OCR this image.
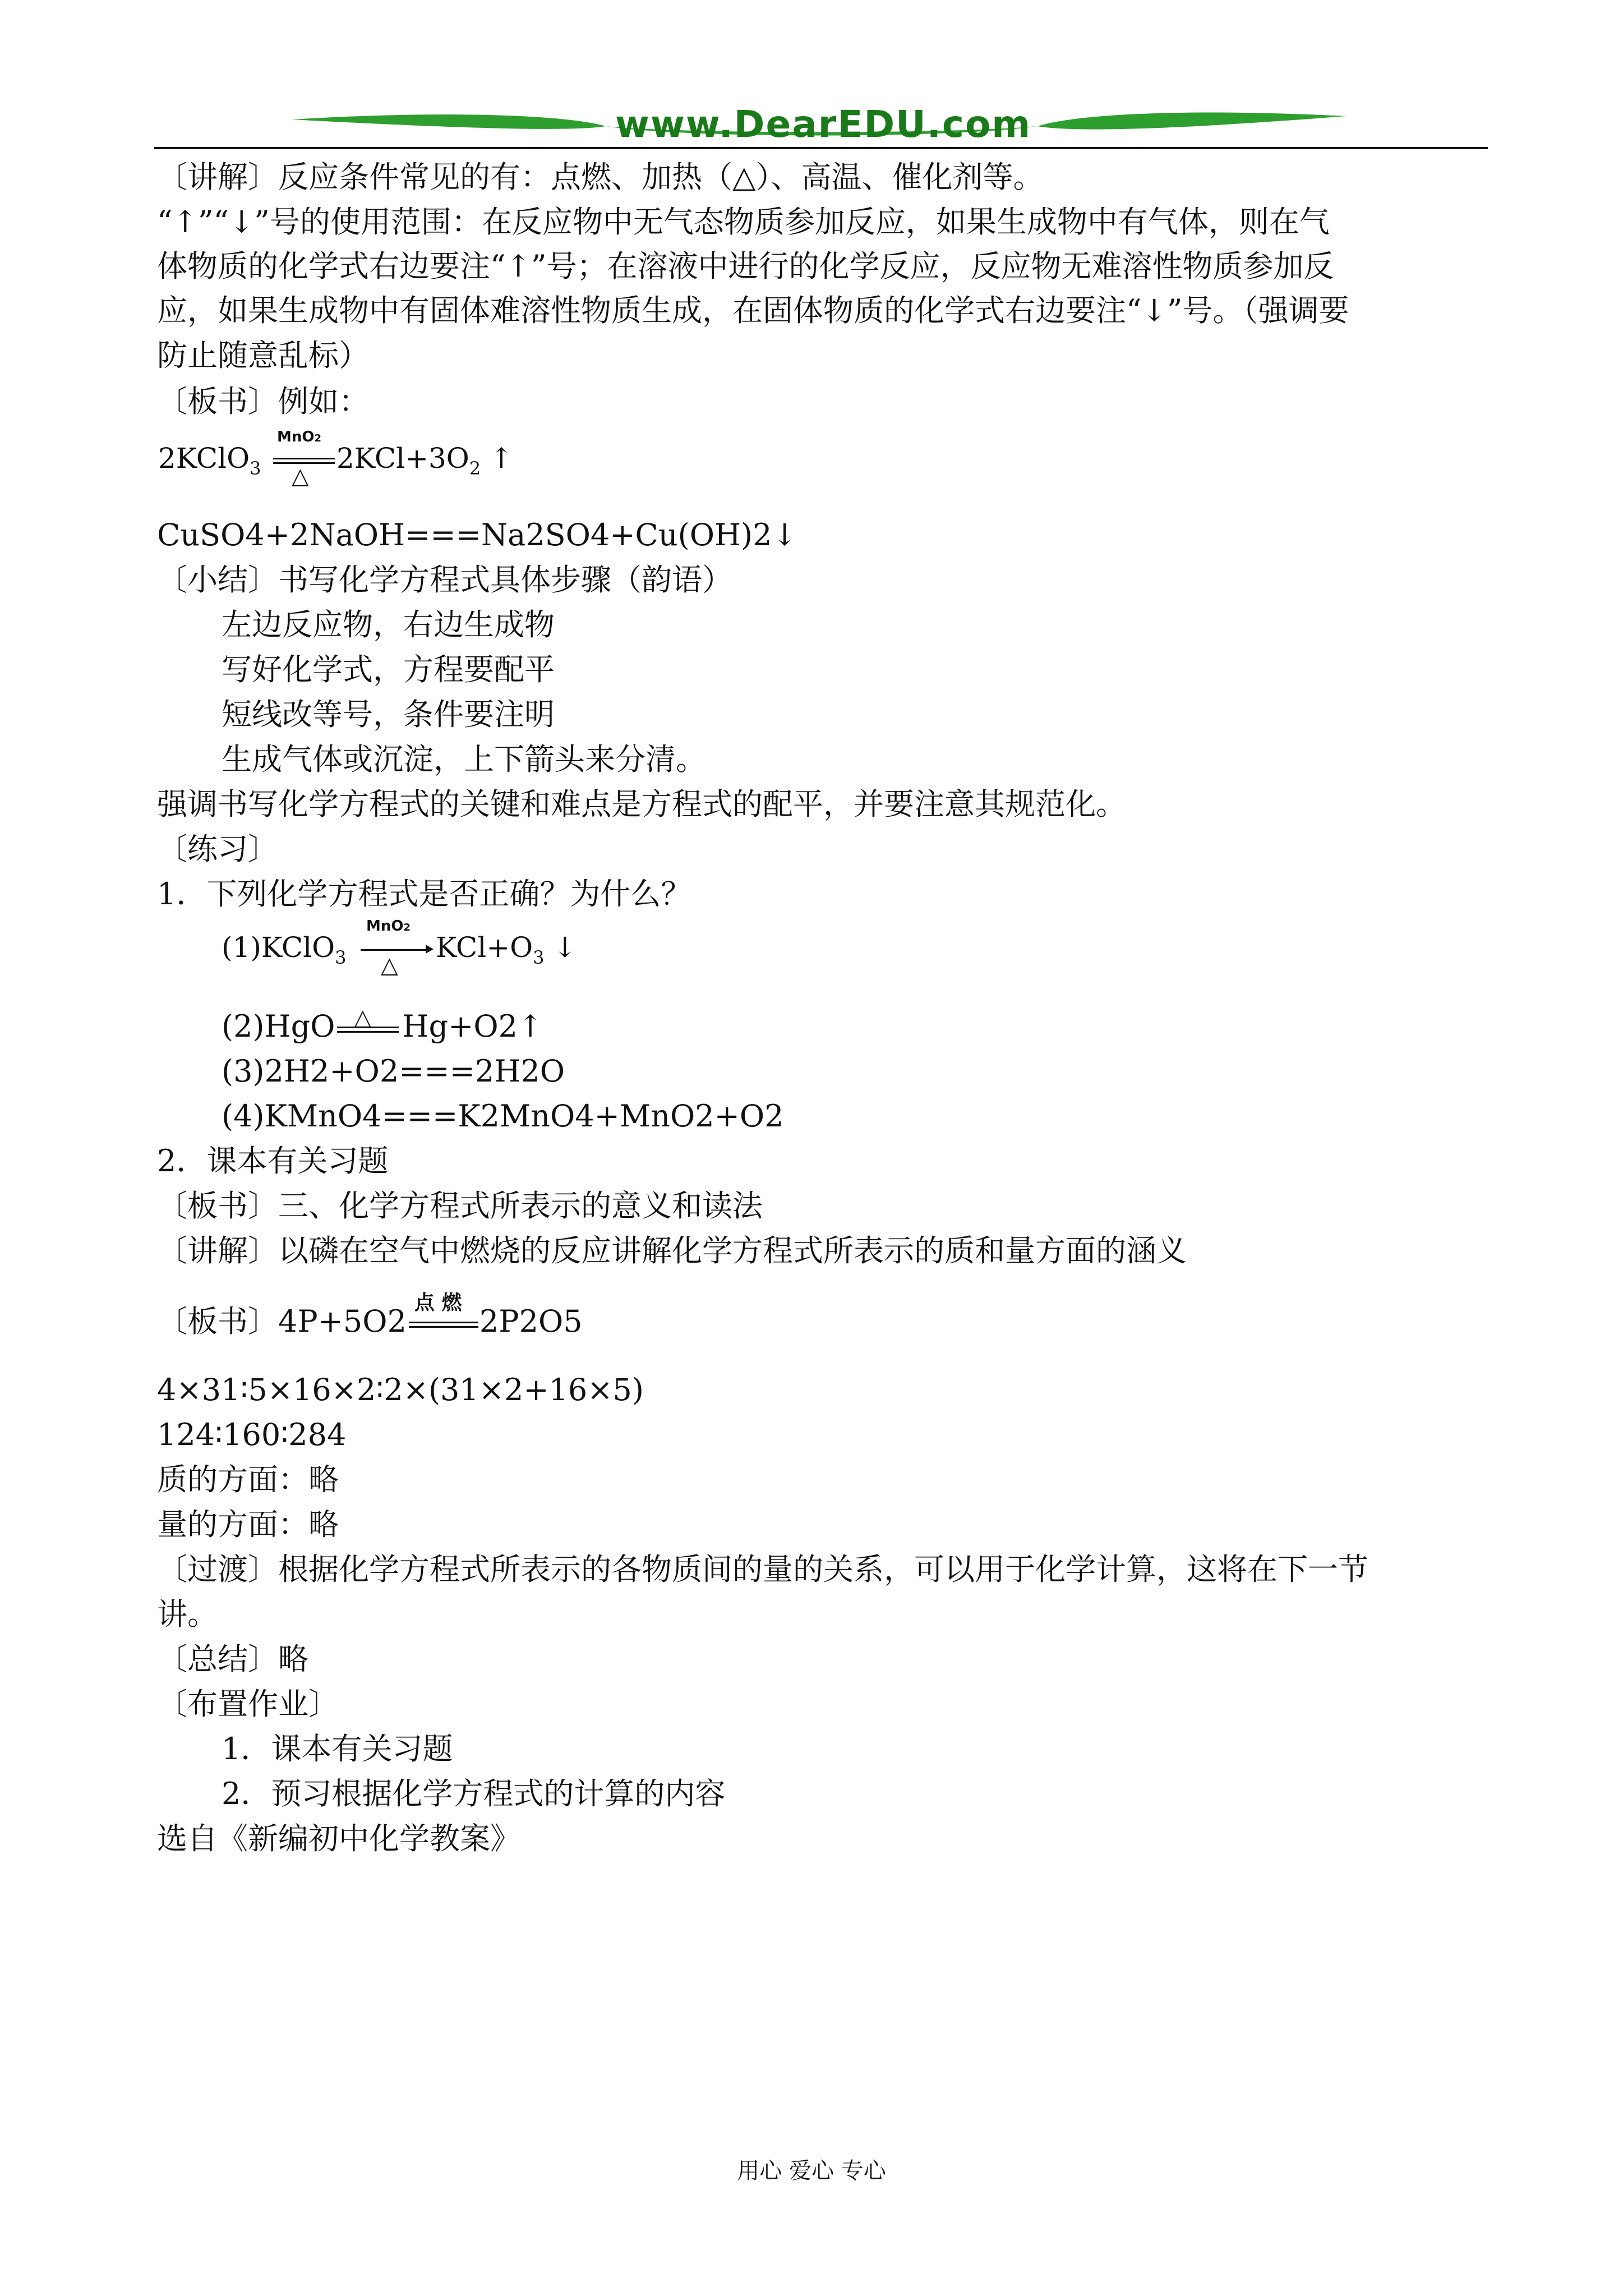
www.DearEDU.com
〔讲解〕反应条件常见的有：点燃、加热（△）、高温、催化剂等。
“↑”“↓”号的使用范围：在反应物中无气态物质参加反应，如果生成物中有气体，则在气
体物质的化学式右边要注“↑”号；在溶液中进行的化学反应，反应物无难溶性物质参加反
应，如果生成物中有固体难溶性物质生成，在固体物质的化学式右边要注“↓”号。（强调要
防止随意乱标）
〔板书〕例如：
2KClO$_3$
MnO2
△
$2KCl+3O_2$ ↑
CuSO4+2NaOH===Na2SO4+Cu(OH)2↓
〔小结〕书写化学方程式具体步骤（韵语）
左边反应物，右边生成物
写好化学式，方程要配平
短线改等号，条件要注明
生成气体或沉淀，上下箭头来分清。
强调书写化学方程式的关键和难点是方程式的配平，并要注意其规范化。
〔练习〕
1．下列化学方程式是否正确？为什么？
(1)KClO$_3$
MnO2
△
$KCl+O_3$ ↓
(2)HgO △ Hg+O2↑
(3)2H2+O2===2H2O
(4)KMnO4===K2MnO4+MnO2+O2
2．课本有关习题
〔板书〕三、化学方程式所表示的意义和读法
〔讲解〕以磷在空气中燃烧的反应讲解化学方程式所表示的质和量方面的涵义
〔板书〕4P+5O2
点 燃
2P2O5
4×31∶5×16×2∶2×(31×2+16×5)
124∶160∶284
质的方面：略
量的方面：略
〔过渡〕根据化学方程式所表示的各物质间的量的关系，可以用于化学计算，这将在下一节
讲。
〔总结〕略
〔布置作业〕
1．课本有关习题
2．预习根据化学方程式的计算的内容
选自《新编初中化学教案》
用心 爱心 专心
